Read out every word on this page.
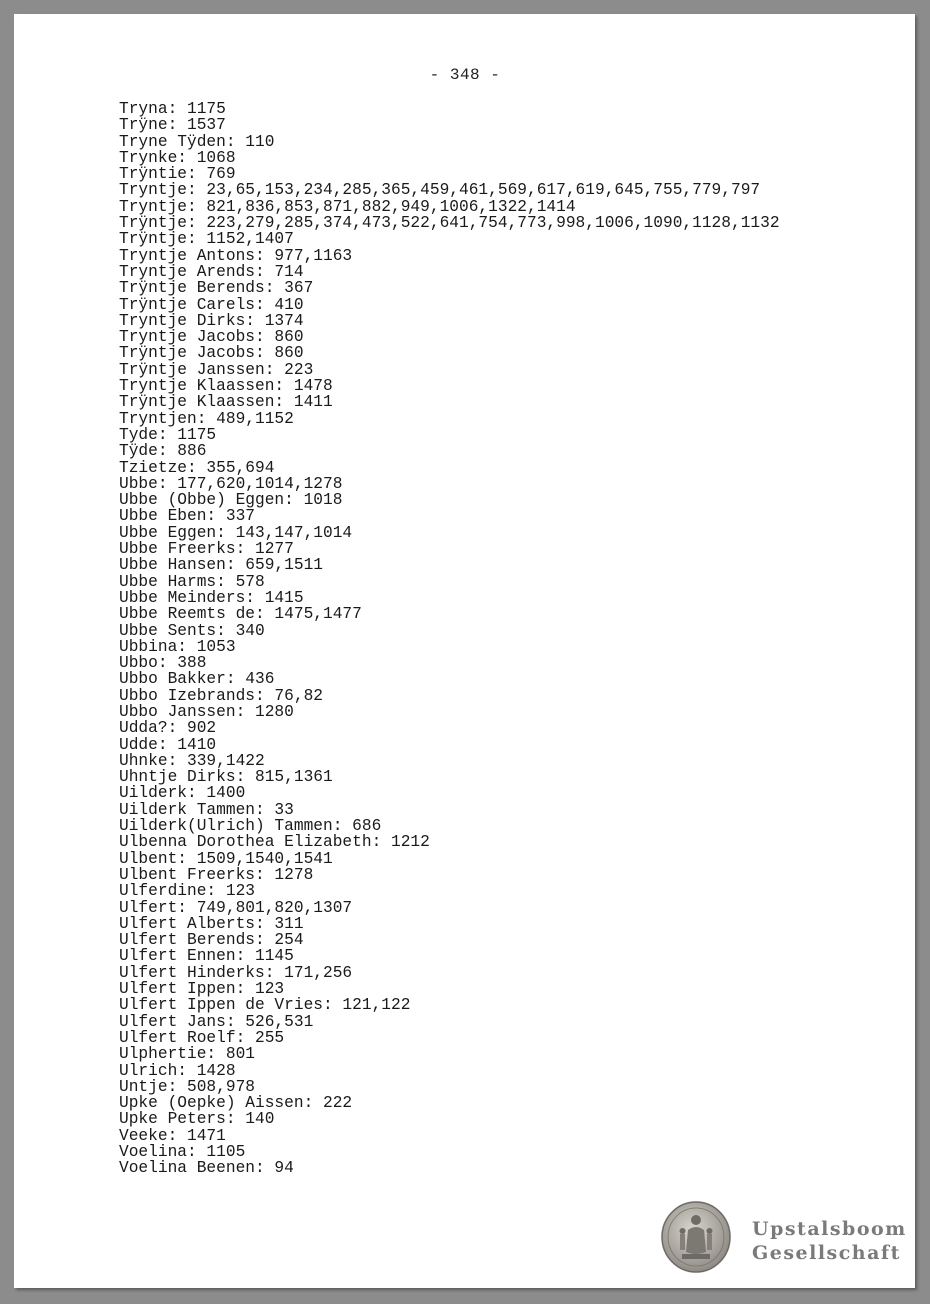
- 348 -
Tryna: 1175
Trÿne: 1537
Tryne Tÿden: 110
Trynke: 1068
Trÿntie: 769
Tryntje: 23,65,153,234,285,365,459,461,569,617,619,645,755,779,797
Tryntje: 821,836,853,871,882,949,1006,1322,1414
Trÿntje: 223,279,285,374,473,522,641,754,773,998,1006,1090,1128,1132
Trÿntje: 1152,1407
Tryntje Antons: 977,1163
Tryntje Arends: 714
Trÿntje Berends: 367
Trÿntje Carels: 410
Tryntje Dirks: 1374
Tryntje Jacobs: 860
Trÿntje Jacobs: 860
Trÿntje Janssen: 223
Tryntje Klaassen: 1478
Trÿntje Klaassen: 1411
Tryntjen: 489,1152
Tyde: 1175
Tÿde: 886
Tzietze: 355,694
Ubbe: 177,620,1014,1278
Ubbe (Obbe) Eggen: 1018
Ubbe Eben: 337
Ubbe Eggen: 143,147,1014
Ubbe Freerks: 1277
Ubbe Hansen: 659,1511
Ubbe Harms: 578
Ubbe Meinders: 1415
Ubbe Reemts de: 1475,1477
Ubbe Sents: 340
Ubbina: 1053
Ubbo: 388
Ubbo Bakker: 436
Ubbo Izebrands: 76,82
Ubbo Janssen: 1280
Udda?: 902
Udde: 1410
Uhnke: 339,1422
Uhntje Dirks: 815,1361
Uilderk: 1400
Uilderk Tammen: 33
Uilderk(Ulrich) Tammen: 686
Ulbenna Dorothea Elizabeth: 1212
Ulbent: 1509,1540,1541
Ulbent Freerks: 1278
Ulferdine: 123
Ulfert: 749,801,820,1307
Ulfert Alberts: 311
Ulfert Berends: 254
Ulfert Ennen: 1145
Ulfert Hinderks: 171,256
Ulfert Ippen: 123
Ulfert Ippen de Vries: 121,122
Ulfert Jans: 526,531
Ulfert Roelf: 255
Ulphertie: 801
Ulrich: 1428
Untje: 508,978
Upke (Oepke) Aissen: 222
Upke Peters: 140
Veeke: 1471
Voelina: 1105
Voelina Beenen: 94
Upstalsboom
Gesellschaft
